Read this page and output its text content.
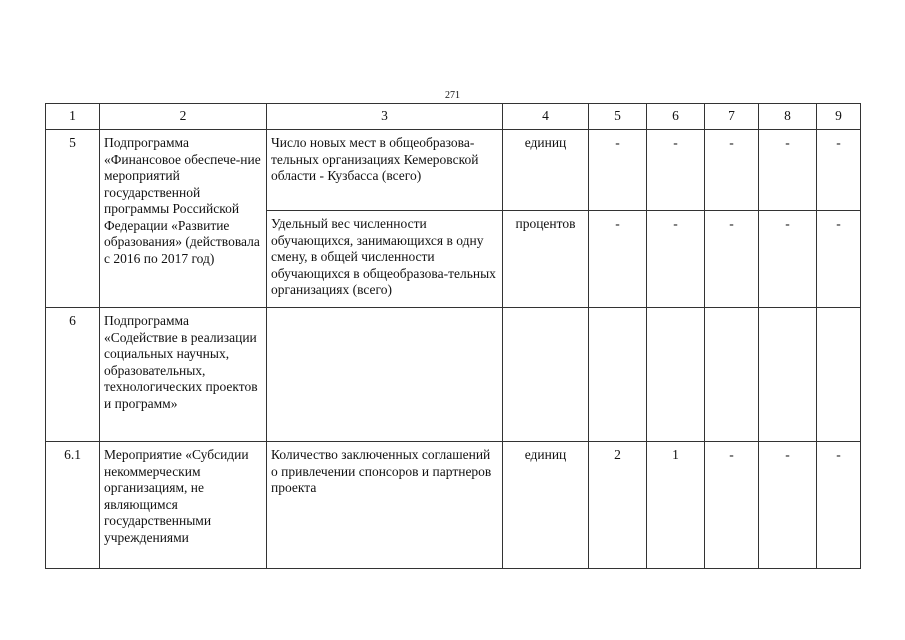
271
1	2	3	4	5	6	7	8	9
5	Подпрограмма «Финансовое обеспече-ние мероприятий государственной программы Российской Федерации «Развитие образования» (действовала с 2016 по 2017 год)	Число новых мест в общеобразова-тельных организациях Кемеровской области - Кузбасса (всего)	единиц	-	-	-	-	-
		Удельный вес численности обучающихся, занимающихся в одну смену, в общей численности обучающихся в общеобразова-тельных организациях (всего)	процентов	-	-	-	-	-
6	Подпрограмма «Содействие в реализации социальных научных, образовательных, технологических проектов и программ»							
6.1	Мероприятие «Субсидии некоммерческим организациям, не являющимся государственными учреждениями	Количество заключенных соглашений о привлечении спонсоров и партнеров проекта	единиц	2	1	-	-	-
